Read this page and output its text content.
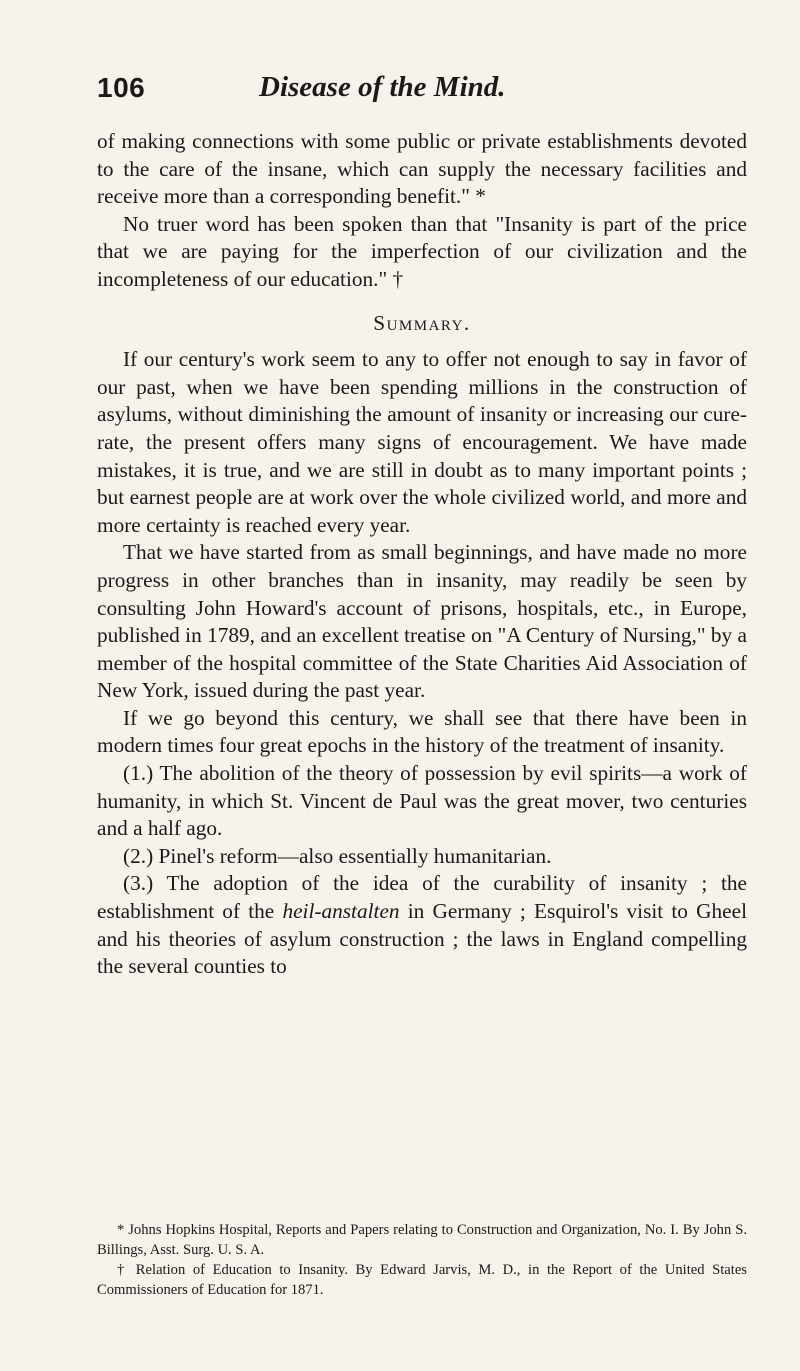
106	Disease of the Mind.

of making connections with some public or private establishments devoted to the care of the insane, which can supply the necessary facilities and receive more than a corresponding benefit." *

No truer word has been spoken than that "Insanity is part of the price that we are paying for the imperfection of our civilization and the incompleteness of our education." †

Summary.

If our century's work seem to any to offer not enough to say in favor of our past, when we have been spending millions in the construction of asylums, without diminishing the amount of insanity or increasing our cure-rate, the present offers many signs of encouragement. We have made mistakes, it is true, and we are still in doubt as to many important points ; but earnest people are at work over the whole civilized world, and more and more certainty is reached every year.

That we have started from as small beginnings, and have made no more progress in other branches than in insanity, may readily be seen by consulting John Howard's account of prisons, hospitals, etc., in Europe, published in 1789, and an excellent treatise on "A Century of Nursing," by a member of the hospital committee of the State Charities Aid Association of New York, issued during the past year.

If we go beyond this century, we shall see that there have been in modern times four great epochs in the history of the treatment of insanity.

(1.) The abolition of the theory of possession by evil spirits—a work of humanity, in which St. Vincent de Paul was the great mover, two centuries and a half ago.

(2.) Pinel's reform—also essentially humanitarian.

(3.) The adoption of the idea of the curability of insanity ; the establishment of the heil-anstalten in Germany ; Esquirol's visit to Gheel and his theories of asylum construction ; the laws in England compelling the several counties to

* Johns Hopkins Hospital, Reports and Papers relating to Construction and Organization, No. I. By John S. Billings, Asst. Surg. U. S. A.

† Relation of Education to Insanity. By Edward Jarvis, M. D., in the Report of the United States Commissioners of Education for 1871.
